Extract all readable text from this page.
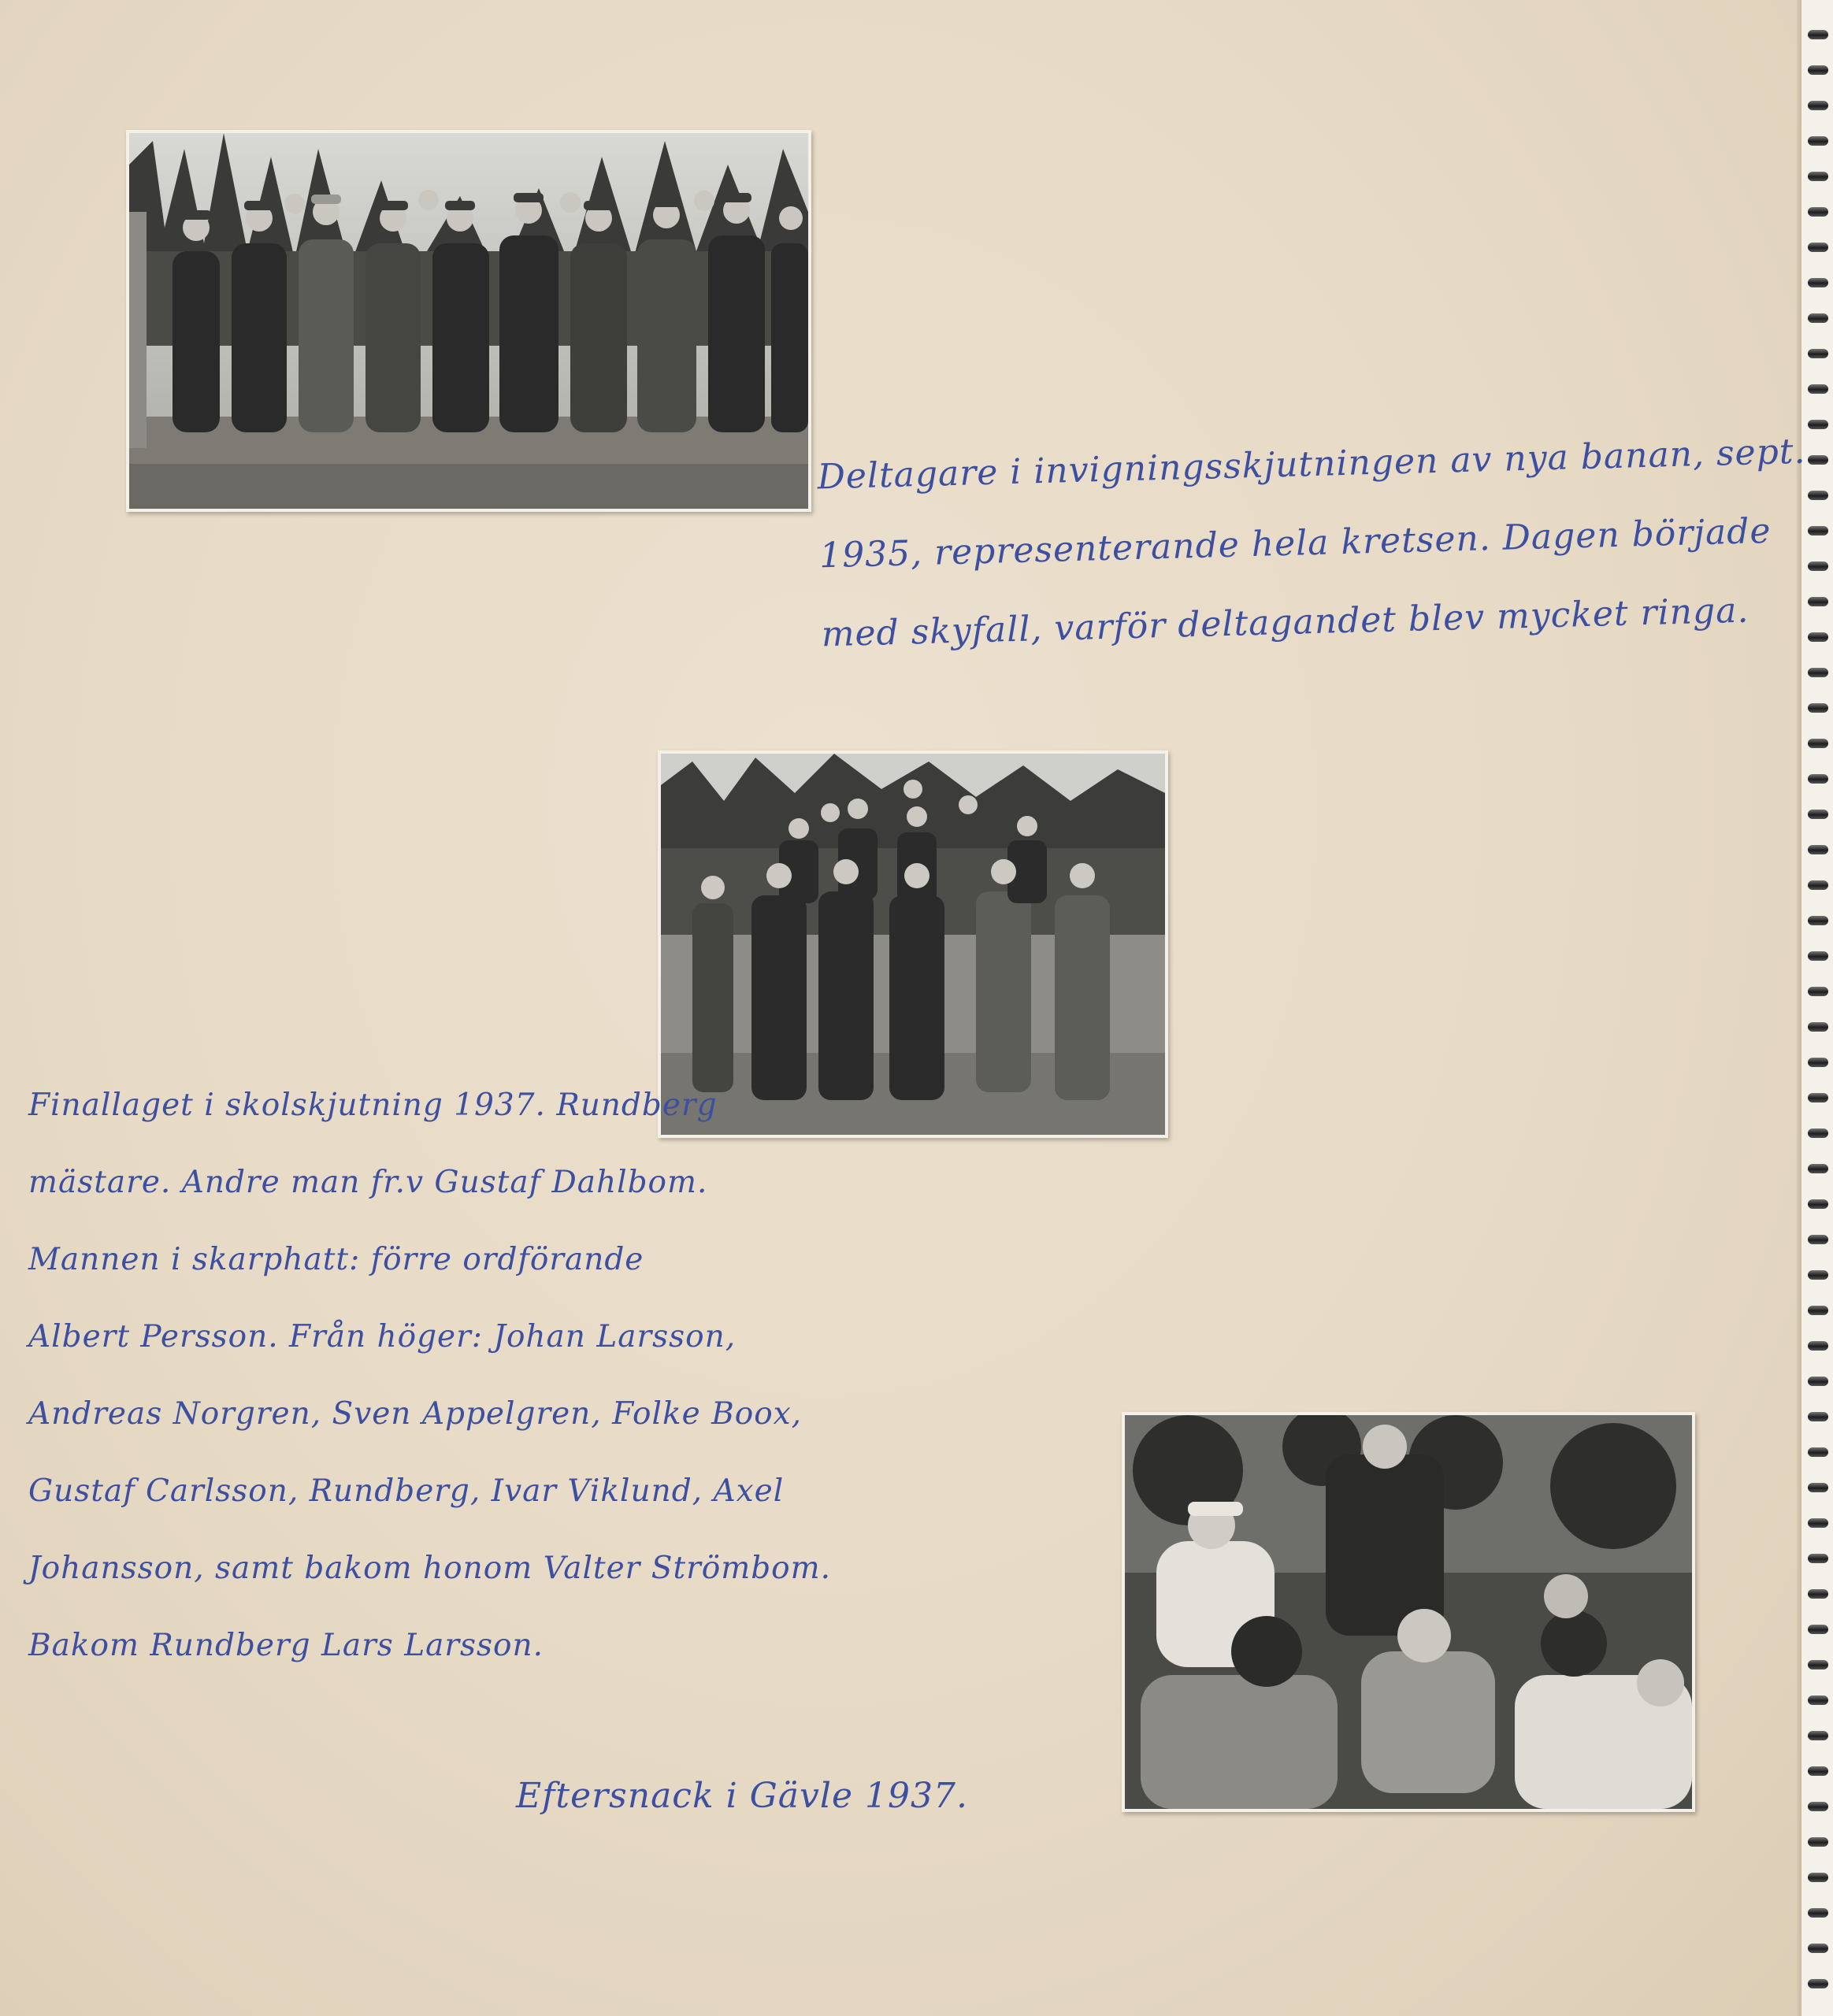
Deltagare i invigningsskjutningen av nya banan, sept.
1935, representerande hela kretsen. Dagen började
med skyfall, varför deltagandet blev mycket ringa.
Finallaget i skolskjutning 1937. Rundberg
mästare. Andre man fr.v Gustaf Dahlbom.
Mannen i skarphatt: förre ordförande
Albert Persson. Från höger: Johan Larsson,
Andreas Norgren, Sven Appelgren, Folke Boox,
Gustaf Carlsson, Rundberg, Ivar Viklund, Axel
Johansson, samt bakom honom Valter Strömbom.
Bakom Rundberg Lars Larsson.
Eftersnack i Gävle 1937.
